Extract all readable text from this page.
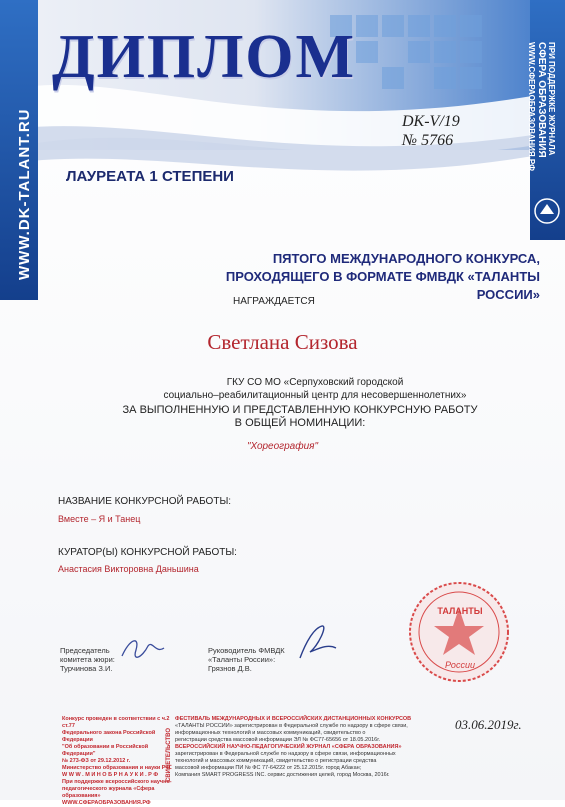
ДИПЛОМ
ЛАУРЕАТА 1 СТЕПЕНИ
DK-V/19
№ 5766
WWW.DK-TALANT.RU
ПРИ ПОДДЕРЖКЕ ЖУРНАЛА
СФЕРА ОБРАЗОВАНИЯ
WWW.СФЕРАОБРАЗОВАНИЯ.РФ
ПЯТОГО МЕЖДУНАРОДНОГО КОНКУРСА,
ПРОХОДЯЩЕГО В ФОРМАТЕ ФМВДК «ТАЛАНТЫ РОССИИ»
НАГРАЖДАЕТСЯ
Светлана Сизова
ГКУ СО МО «Серпуховский городской
социально–реабилитационный центр для несовершеннолетних»
ЗА ВЫПОЛНЕННУЮ И ПРЕДСТАВЛЕННУЮ КОНКУРСНУЮ РАБОТУ
В ОБЩЕЙ НОМИНАЦИИ:
"Хореография"
НАЗВАНИЕ КОНКУРСНОЙ РАБОТЫ:
Вместе – Я и Танец
КУРАТОР(Ы) КОНКУРСНОЙ РАБОТЫ:
Анастасия Викторовна Даньшина
Председатель
комитета жюри:
Турчинова З.И.
Руководитель ФМВДК
«Таланты России»:
Грязнов Д.В.
ТАЛАНТЫ
России
03.06.2019г.
Конкурс проведен в соответствии с ч.2 ст.77
Федерального закона Российской Федерации
"Об образовании в Российской Федерации"
№ 273-ФЗ от 29.12.2012 г.
Министерство образования и науки РФ
W W W . М И Н О Б Р Н А У К И . Р Ф
При поддержке всероссийского научно-
педагогического журнала «Сфера образования»
WWW.СФЕРАОБРАЗОВАНИЯ.РФ
СВИДЕТЕЛЬСТВО
ФЕСТИВАЛЬ МЕЖДУНАРОДНЫХ И ВСЕРОССИЙСКИХ ДИСТАНЦИОННЫХ КОНКУРСОВ
«ТАЛАНТЫ РОССИИ» зарегистрирован в Федеральной службе по надзору в сфере связи,
информационных технологий и массовых коммуникаций, свидетельство о
регистрации средства массовой информации ЭЛ № ФС77-65656 от 18.05.2016г.
ВСЕРОССИЙСКИЙ НАУЧНО-ПЕДАГОГИЧЕСКИЙ ЖУРНАЛ «СФЕРА ОБРАЗОВАНИЯ»
зарегистрирован в Федеральной службе по надзору в сфере связи, информационных
технологий и массовых коммуникаций, свидетельство о регистрации средства
массовой информации ПИ № ФС 77-64222 от 25.12.2015г. город Абакан;
Компания SMART PROGRESS INC. сервис достижения целей, город Москва, 2016г.
